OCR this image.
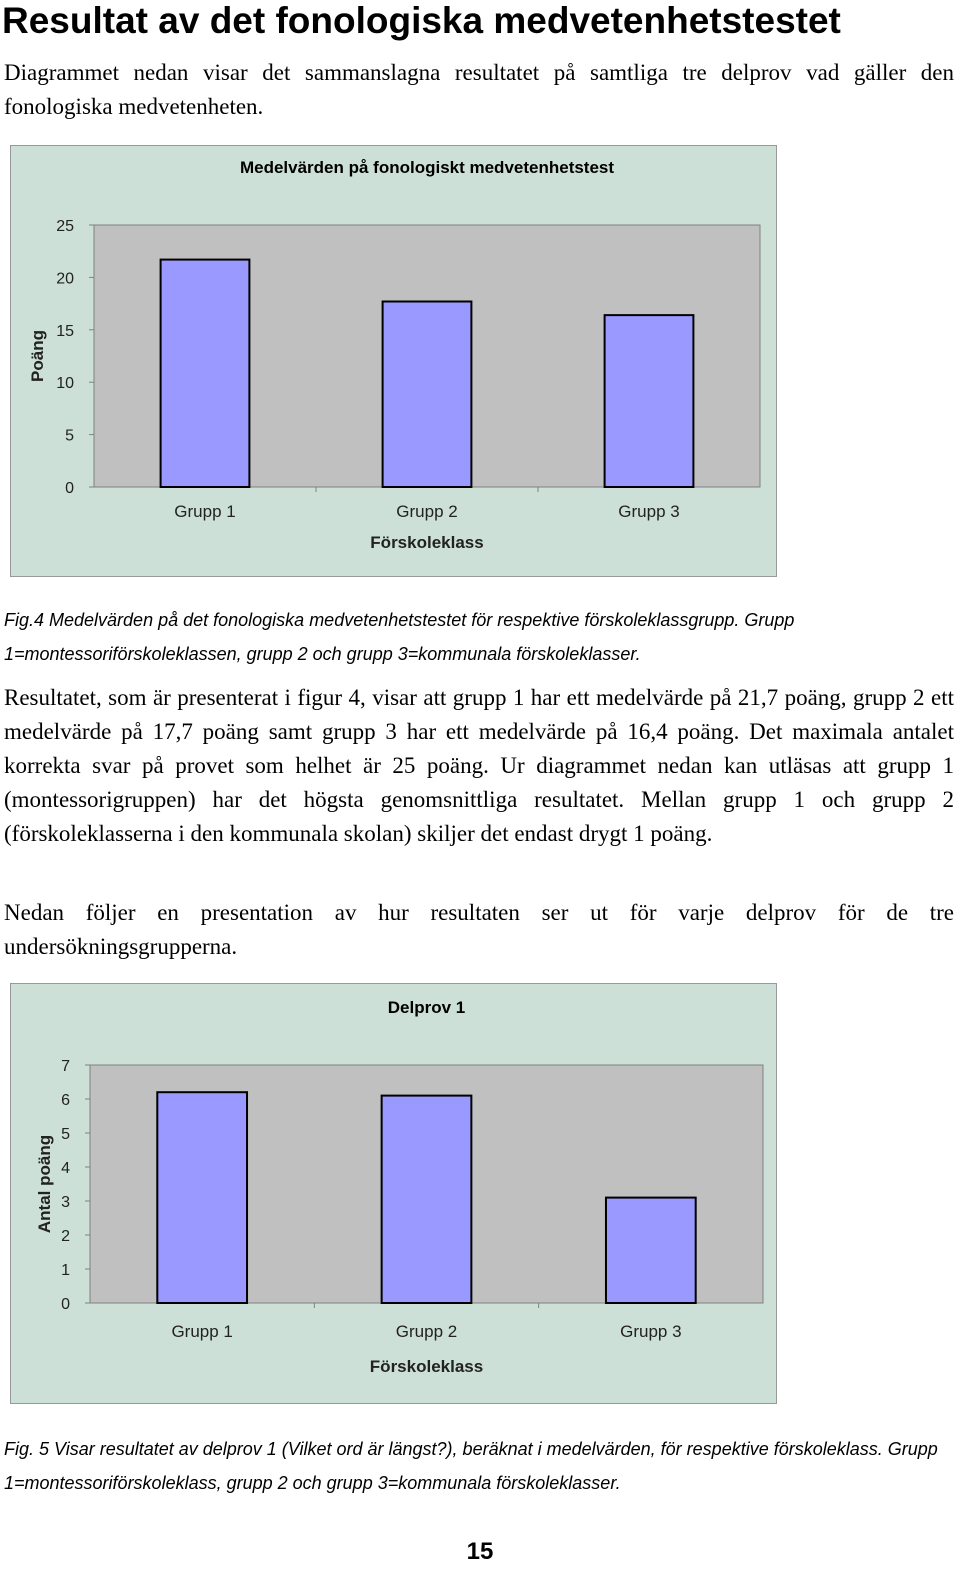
Resultat av det fonologiska medvetenhetstestet

Diagrammet nedan visar det sammanslagna resultatet på samtliga tre delprov vad gäller den fonologiska medvetenheten.

Medelvärden på fonologiskt medvetenhetstest
Poäng
0
5
10
15
20
25
Grupp 1	Grupp 2	Grupp 3
Förskoleklass

Fig.4 Medelvärden på det fonologiska medvetenhetstestet för respektive förskoleklassgrupp. Grupp 1=montessoriförskoleklassen, grupp 2 och grupp 3=kommunala förskoleklasser.

Resultatet, som är presenterat i figur 4, visar att grupp 1 har ett medelvärde på 21,7 poäng, grupp 2 ett medelvärde på 17,7 poäng samt grupp 3 har ett medelvärde på 16,4 poäng. Det maximala antalet korrekta svar på provet som helhet är 25 poäng. Ur diagrammet nedan kan utläsas att grupp 1 (montessorigruppen) har det högsta genomsnittliga resultatet. Mellan grupp 1 och grupp 2 (förskoleklasserna i den kommunala skolan) skiljer det endast drygt 1 poäng.

Nedan följer en presentation av hur resultaten ser ut för varje delprov för de tre undersökningsgrupperna.

Delprov 1
Antal poäng
0
1
2
3
4
5
6
7
Grupp 1	Grupp 2	Grupp 3
Förskoleklass

Fig. 5 Visar resultatet av delprov 1 (Vilket ord är längst?), beräknat i medelvärden, för respektive förskoleklass. Grupp 1=montessoriförskoleklass, grupp 2 och grupp 3=kommunala förskoleklasser.

15
